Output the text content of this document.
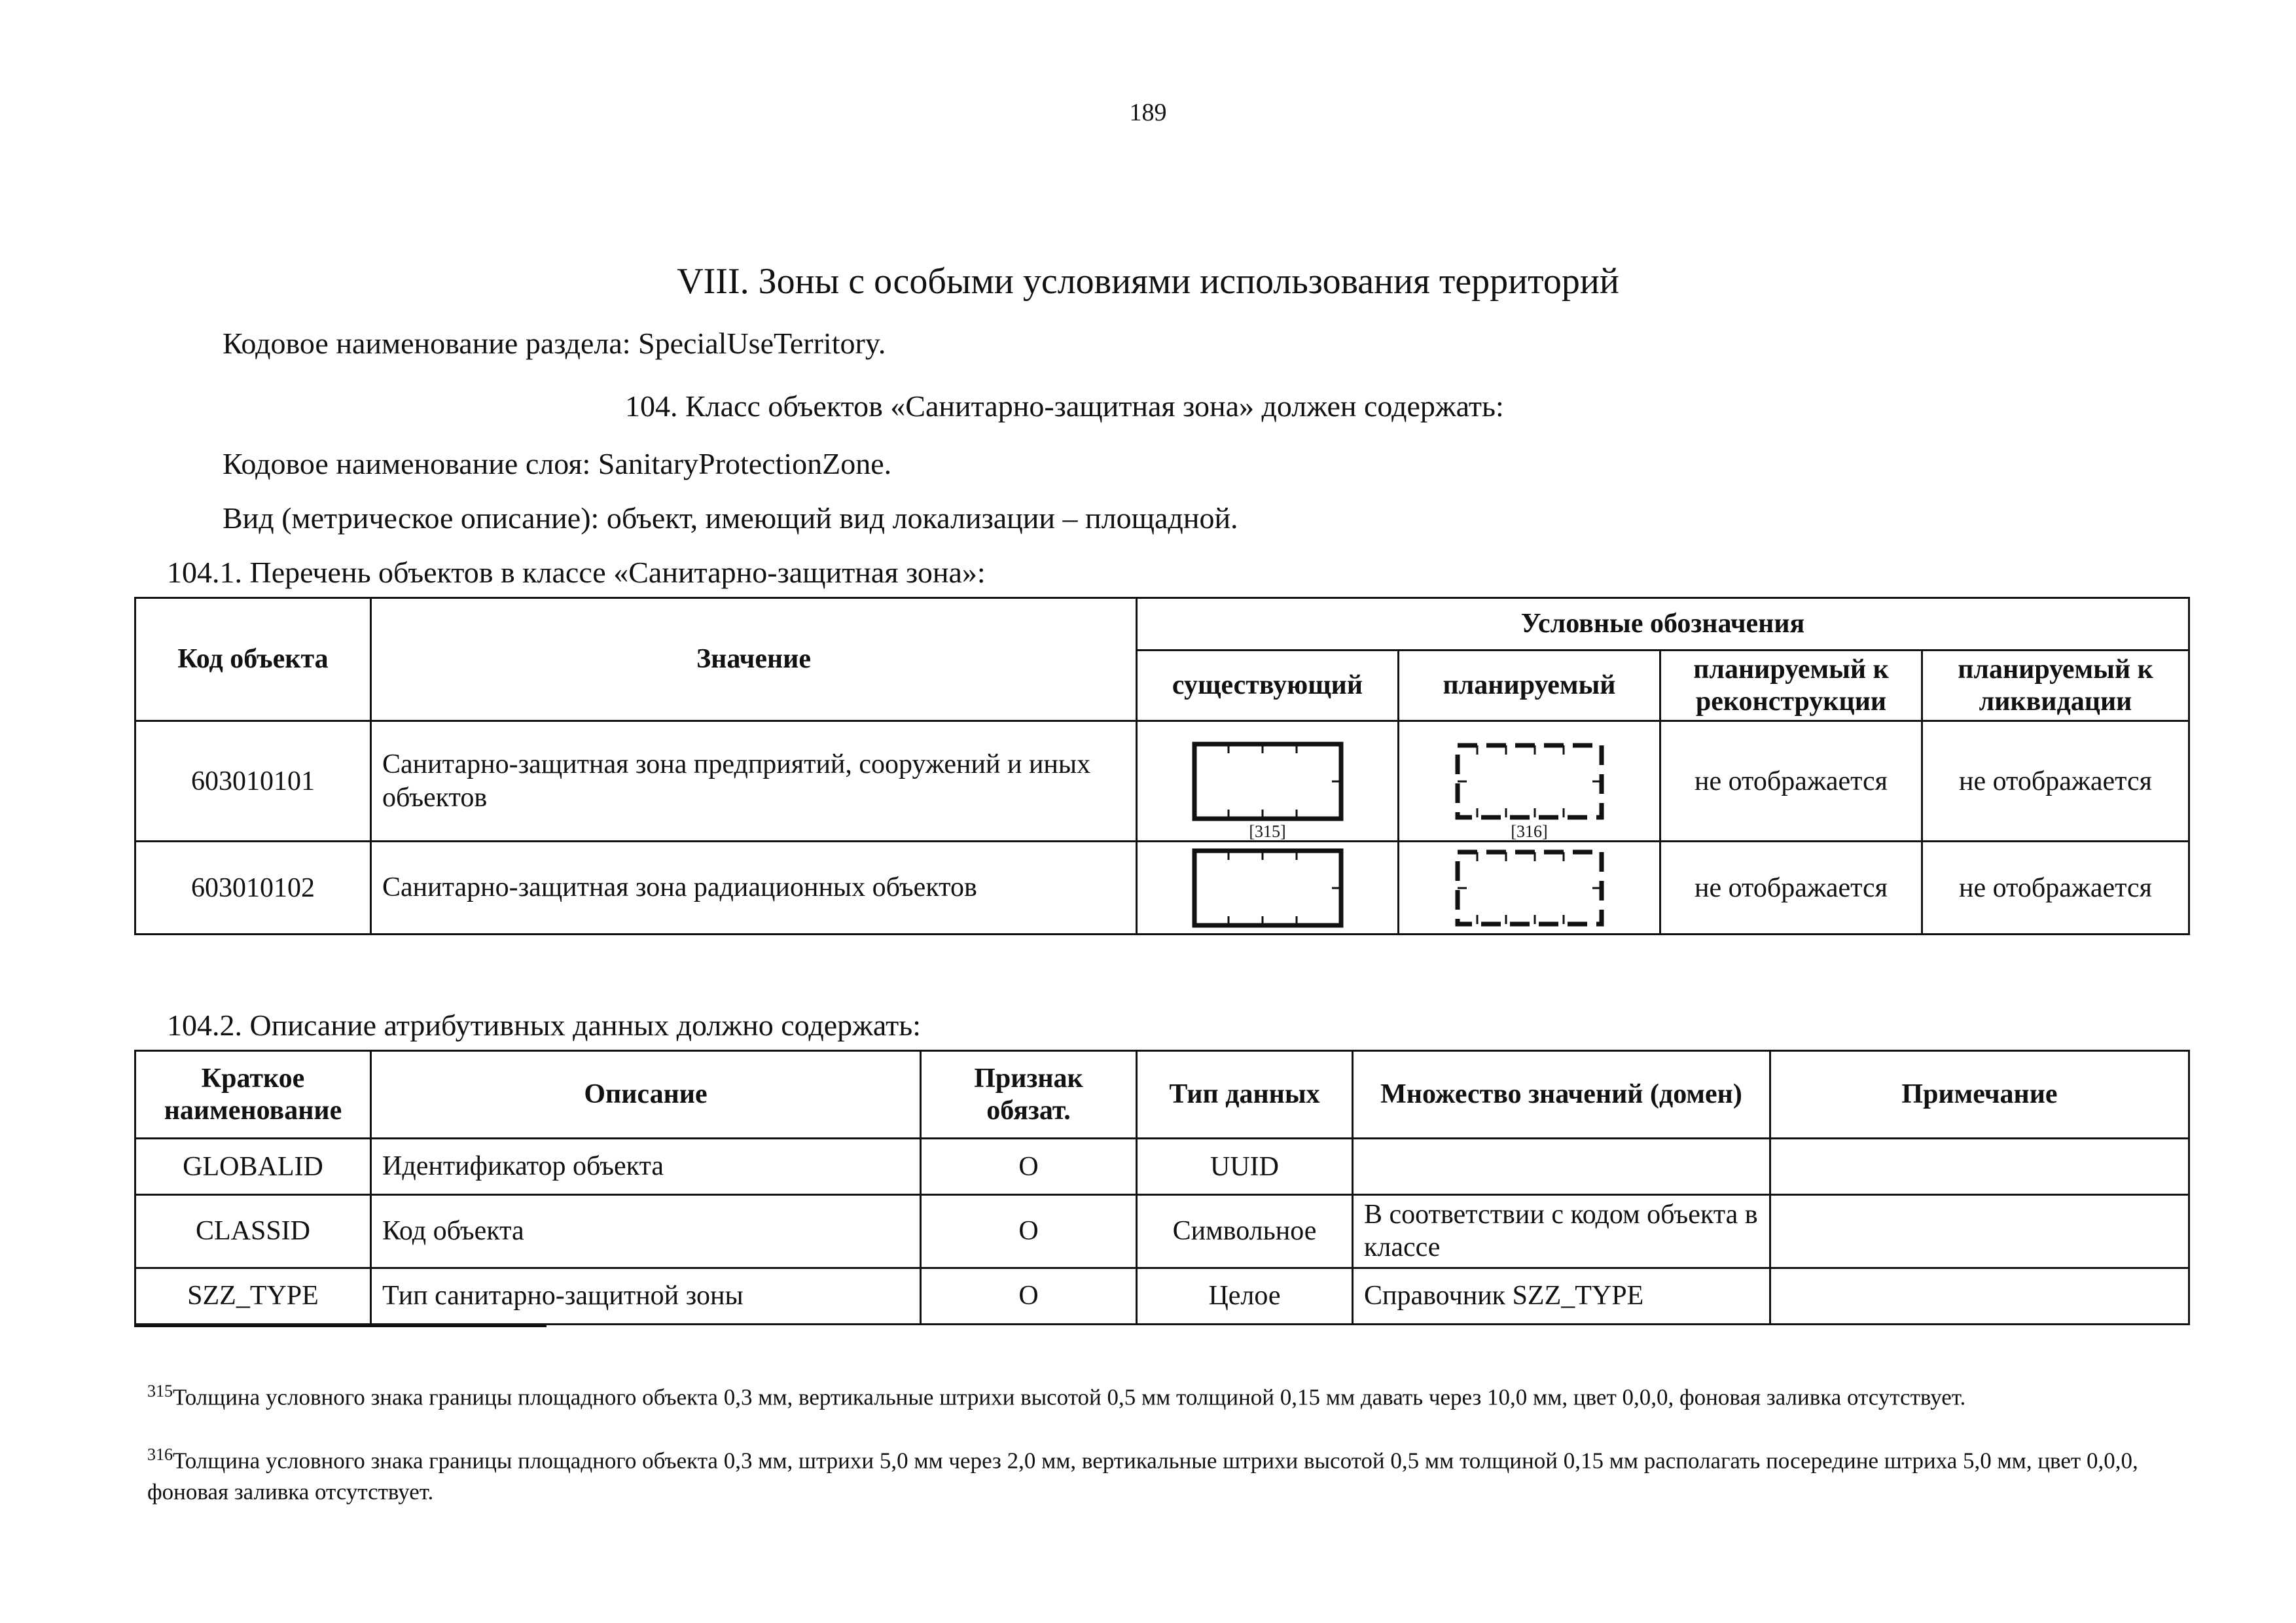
189
VIII. Зоны с особыми условиями использования территорий
Кодовое наименование раздела: SpecialUseTerritory.
104. Класс объектов «Санитарно-защитная зона» должен содержать:
Кодовое наименование слоя: SanitaryProtectionZone.
Вид (метрическое описание): объект, имеющий вид локализации – площадной.
104.1. Перечень объектов в классе «Санитарно-защитная зона»:
Код объекта	Значение	Условные обозначения			
		существующий	планируемый	планируемый к реконструкции	планируемый к ликвидации
603010101	Санитарно-защитная зона предприятий, сооружений и иных объектов	[315]	[316]	не отображается	не отображается
603010102	Санитарно-защитная зона радиационных объектов			не отображается	не отображается
104.2. Описание атрибутивных данных должно содержать:
Краткое наименование	Описание	Признак обязат.	Тип данных	Множество значений (домен)	Примечание
GLOBALID	Идентификатор объекта	О	UUID		
CLASSID	Код объекта	О	Символьное	В соответствии с кодом объекта в классе	
SZZ_TYPE	Тип санитарно-защитной зоны	О	Целое	Справочник SZZ_TYPE	
$^{315}$Толщина условного знака границы площадного объекта 0,3 мм, вертикальные штрихи высотой 0,5 мм толщиной 0,15 мм давать через 10,0 мм, цвет 0,0,0, фоновая заливка отсутствует.
$^{316}$Толщина условного знака границы площадного объекта 0,3 мм, штрихи 5,0 мм через 2,0 мм, вертикальные штрихи высотой 0,5 мм толщиной 0,15 мм располагать посередине штриха 5,0 мм, цвет 0,0,0, фоновая заливка отсутствует.
